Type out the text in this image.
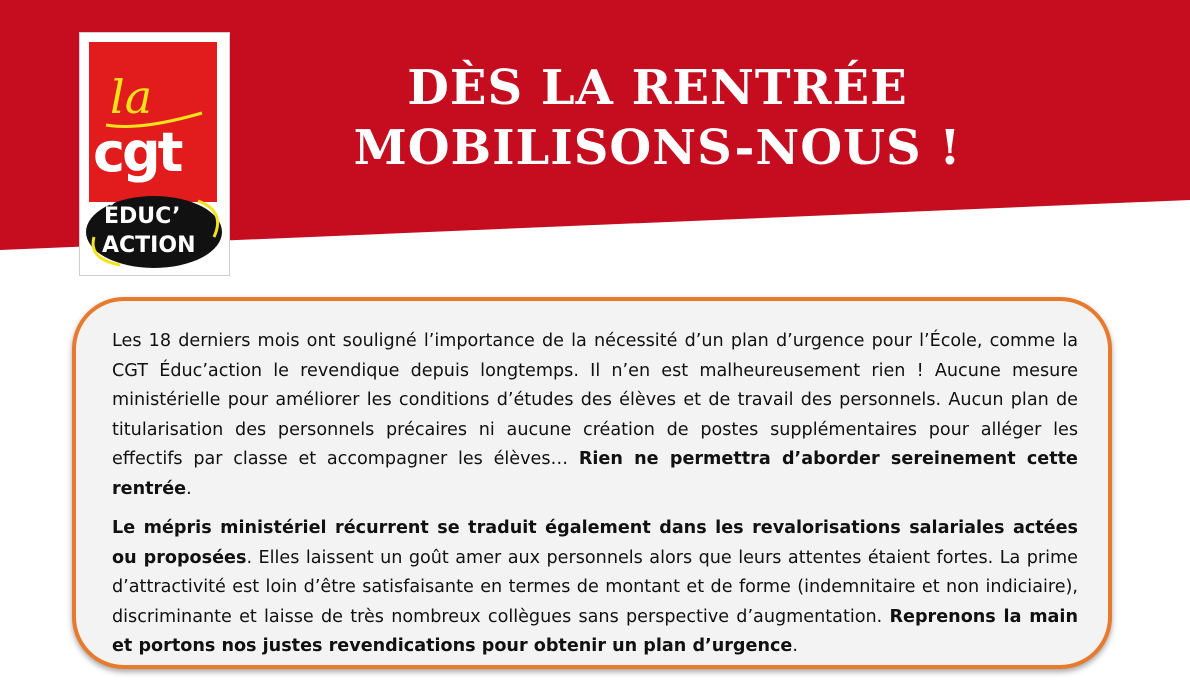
la
cgt
ÉDUC’
ACTION
DÈS LA RENTRÉE
MOBILISONS-NOUS !

Les 18 derniers mois ont souligné l’importance de la nécessité d’un plan d’urgence pour l’École, comme la CGT Éduc’action le revendique depuis longtemps. Il n’en est malheureusement rien ! Aucune mesure ministérielle pour améliorer les conditions d’études des élèves et de travail des personnels. Aucun plan de titularisation des personnels précaires ni aucune création de postes supplémentaires pour alléger les effectifs par classe et accompagner les élèves… Rien ne permettra d’aborder sereinement cette rentrée.

Le mépris ministériel récurrent se traduit également dans les revalorisations salariales actées ou proposées. Elles laissent un goût amer aux personnels alors que leurs attentes étaient fortes. La prime d’attractivité est loin d’être satisfaisante en termes de montant et de forme (indemnitaire et non indiciaire), discriminante et laisse de très nombreux collègues sans perspective d’augmentation. Reprenons la main et portons nos justes revendications pour obtenir un plan d’urgence.
